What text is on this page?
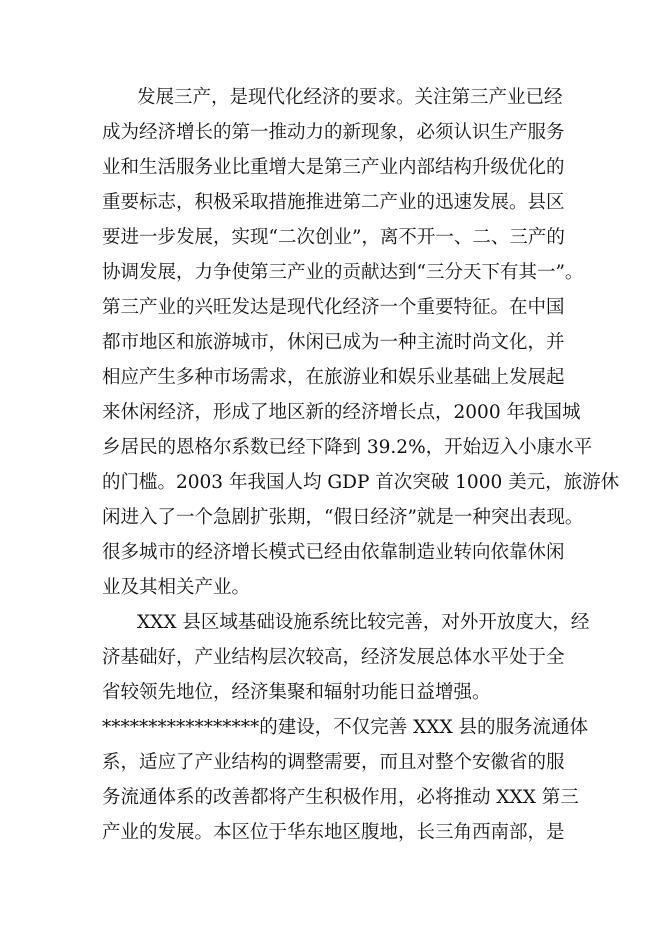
发展三产，是现代化经济的要求。关注第三产业已经
成为经济增长的第一推动力的新现象，必须认识生产服务
业和生活服务业比重增大是第三产业内部结构升级优化的
重要标志，积极采取措施推进第二产业的迅速发展。县区
要进一步发展，实现“二次创业”，离不开一、二、三产的
协调发展，力争使第三产业的贡献达到“三分天下有其一”。
第三产业的兴旺发达是现代化经济一个重要特征。在中国
都市地区和旅游城市，休闲已成为一种主流时尚文化，并
相应产生多种市场需求，在旅游业和娱乐业基础上发展起
来休闲经济，形成了地区新的经济增长点，2000 年我国城
乡居民的恩格尔系数已经下降到 39.2%，开始迈入小康水平
的门槛。2003 年我国人均 GDP 首次突破 1000 美元，旅游休
闲进入了一个急剧扩张期，“假日经济”就是一种突出表现。
很多城市的经济增长模式已经由依靠制造业转向依靠休闲
业及其相关产业。
XXX 县区域基础设施系统比较完善，对外开放度大，经
济基础好，产业结构层次较高，经济发展总体水平处于全
省较领先地位，经济集聚和辐射功能日益增强。
*****************的建设，不仅完善 XXX 县的服务流通体
系，适应了产业结构的调整需要，而且对整个安徽省的服
务流通体系的改善都将产生积极作用，必将推动 XXX 第三
产业的发展。本区位于华东地区腹地，长三角西南部，是
